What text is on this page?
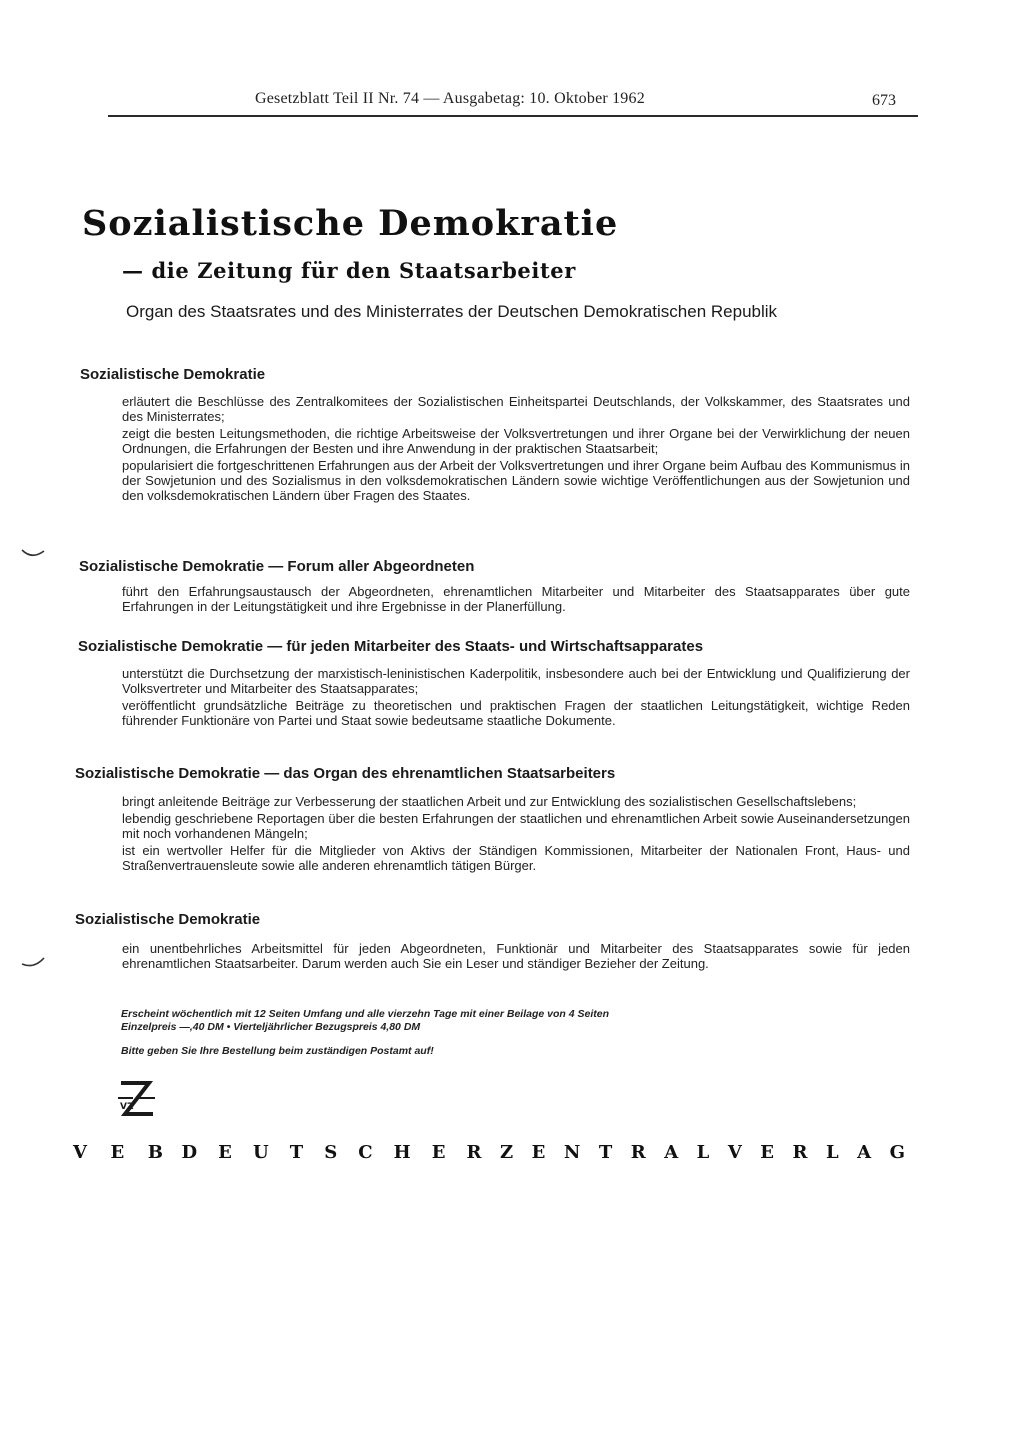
Gesetzblatt Teil II Nr. 74 — Ausgabetag: 10. Oktober 1962	673
Sozialistische Demokratie
— die Zeitung für den Staatsarbeiter
Organ des Staatsrates und des Ministerrates der Deutschen Demokratischen Republik
Sozialistische Demokratie

erläutert die Beschlüsse des Zentralkomitees der Sozialistischen Einheitspartei Deutschlands, der Volkskammer, des Staatsrates und des Ministerrates;

zeigt die besten Leitungsmethoden, die richtige Arbeitsweise der Volksvertretungen und ihrer Organe bei der Verwirklichung der neuen Ordnungen, die Erfahrungen der Besten und ihre Anwendung in der praktischen Staatsarbeit;

popularisiert die fortgeschrittenen Erfahrungen aus der Arbeit der Volksvertretungen und ihrer Organe beim Aufbau des Kommunismus in der Sowjetunion und des Sozialismus in den volksdemokratischen Ländern sowie wichtige Veröffentlichungen aus der Sowjetunion und den volksdemokratischen Ländern über Fragen des Staates.

Sozialistische Demokratie — Forum aller Abgeordneten

führt den Erfahrungsaustausch der Abgeordneten, ehrenamtlichen Mitarbeiter und Mitarbeiter des Staatsapparates über gute Erfahrungen in der Leitungstätigkeit und ihre Ergebnisse in der Planerfüllung.

Sozialistische Demokratie — für jeden Mitarbeiter des Staats- und Wirtschaftsapparates

unterstützt die Durchsetzung der marxistisch-leninistischen Kaderpolitik, insbesondere auch bei der Entwicklung und Qualifizierung der Volksvertreter und Mitarbeiter des Staatsapparates;

veröffentlicht grundsätzliche Beiträge zu theoretischen und praktischen Fragen der staatlichen Leitungstätigkeit, wichtige Reden führender Funktionäre von Partei und Staat sowie bedeutsame staatliche Dokumente.

Sozialistische Demokratie — das Organ des ehrenamtlichen Staatsarbeiters

bringt anleitende Beiträge zur Verbesserung der staatlichen Arbeit und zur Entwicklung des sozialistischen Gesellschaftslebens;

lebendig geschriebene Reportagen über die besten Erfahrungen der staatlichen und ehrenamtlichen Arbeit sowie Auseinandersetzungen mit noch vorhandenen Mängeln;

ist ein wertvoller Helfer für die Mitglieder von Aktivs der Ständigen Kommissionen, Mitarbeiter der Nationalen Front, Haus- und Straßenvertrauensleute sowie alle anderen ehrenamtlich tätigen Bürger.

Sozialistische Demokratie

ein unentbehrliches Arbeitsmittel für jeden Abgeordneten, Funktionär und Mitarbeiter des Staatsapparates sowie für jeden ehrenamtlichen Staatsarbeiter. Darum werden auch Sie ein Leser und ständiger Bezieher der Zeitung.

Erscheint wöchentlich mit 12 Seiten Umfang und alle vierzehn Tage mit einer Beilage von 4 Seiten
Einzelpreis —,40 DM • Vierteljährlicher Bezugspreis 4,80 DM
Bitte geben Sie Ihre Bestellung beim zuständigen Postamt auf!
VZ
V E B D E U T S C H E R Z E N T R A L V E R L A G
